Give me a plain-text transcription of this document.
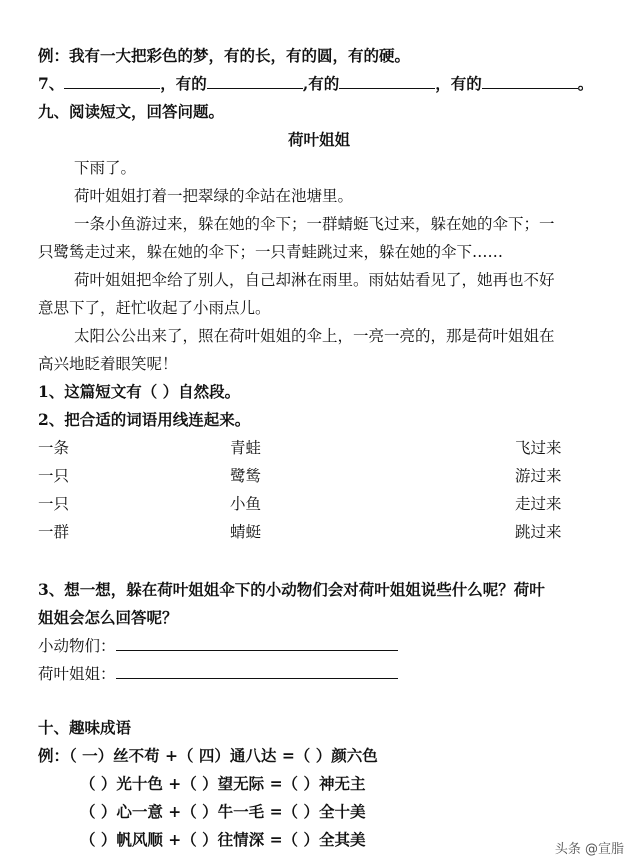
例：我有一大把彩色的梦，有的长，有的圆，有的硬。
7、	，有的	,有的	，有的	。
九、阅读短文，回答问题。
荷叶姐姐
下雨了。
荷叶姐姐打着一把翠绿的伞站在池塘里。
一条小鱼游过来，躲在她的伞下；一群蜻蜓飞过来，躲在她的伞下；一
只鹭鸶走过来，躲在她的伞下；一只青蛙跳过来，躲在她的伞下……
荷叶姐姐把伞给了别人，自己却淋在雨里。雨姑姑看见了，她再也不好
意思下了，赶忙收起了小雨点儿。
太阳公公出来了，照在荷叶姐姐的伞上，一亮一亮的，那是荷叶姐姐在
高兴地眨着眼笑呢！
1、这篇短文有（ ）自然段。
2、把合适的词语用线连起来。
一条	青蛙	飞过来
一只	鹭鸶	游过来
一只	小鱼	走过来
一群	蜻蜓	跳过来
3、想一想，躲在荷叶姐姐伞下的小动物们会对荷叶姐姐说些什么呢？荷叶
姐姐会怎么回答呢？
小动物们：
荷叶姐姐：
十、趣味成语
例：（ 一）丝不苟 +（ 四）通八达 =（ ）颜六色
（ ）光十色 +（ ）望无际 =（ ）神无主
（ ）心一意 +（ ）牛一毛 =（ ）全十美
（ ）帆风顺 +（ ）往情深 =（ ）全其美
头条 @宣脂
